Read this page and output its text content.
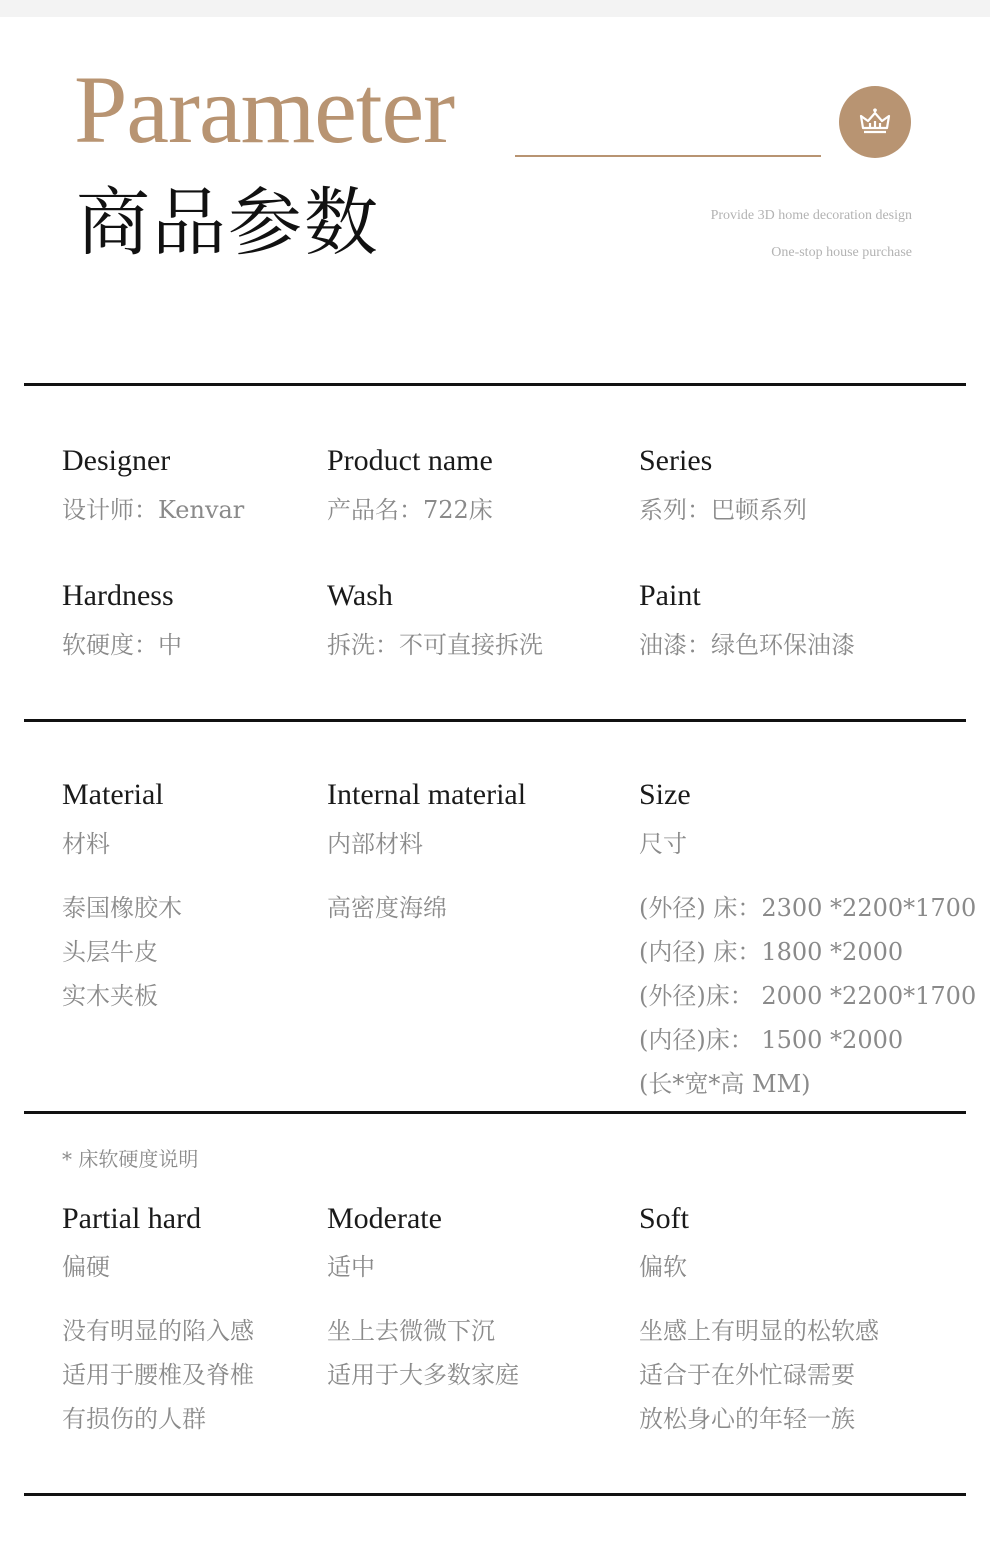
Parameter
商品参数	Provide 3D home decoration design
One-stop house purchase
Designer
设计师：Kenvar
Product name
产品名：722床
Series
系列：巴顿系列
Hardness
软硬度：中
Wash
拆洗：不可直接拆洗
Paint
油漆：绿色环保油漆
Material
材料
泰国橡胶木
头层牛皮
实木夹板
Internal material
内部材料
高密度海绵
Size
尺寸
(外径) 床：2300 *2200*1700
(内径) 床：1800 *2000
(外径)床： 2000 *2200*1700
(内径)床： 1500 *2000
(长*宽*高 MM)
* 床软硬度说明
Partial hard
偏硬
没有明显的陷入感
适用于腰椎及脊椎
有损伤的人群
Moderate
适中
坐上去微微下沉
适用于大多数家庭
Soft
偏软
坐感上有明显的松软感
适合于在外忙碌需要
放松身心的年轻一族
